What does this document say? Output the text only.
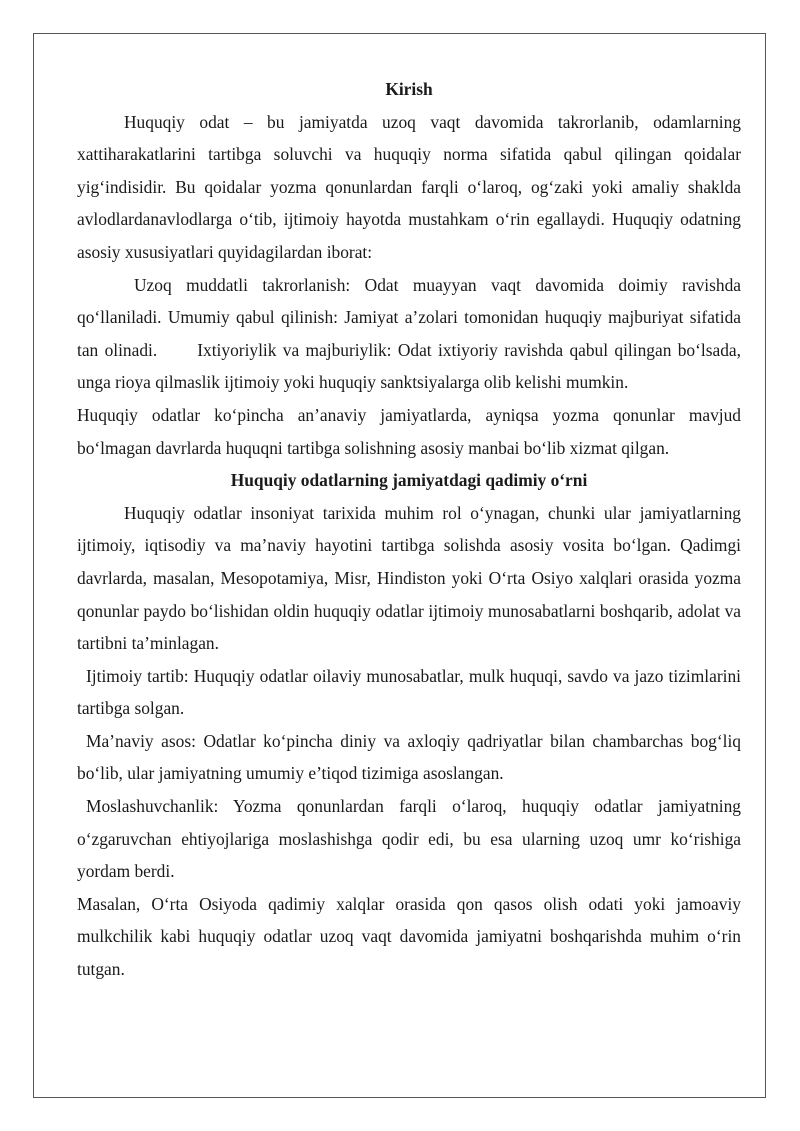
Kirish

Huquqiy odat – bu jamiyatda uzoq vaqt davomida takrorlanib, odamlarning xattiharakatlarini tartibga soluvchi va huquqiy norma sifatida qabul qilingan qoidalar yig‘indisidir. Bu qoidalar yozma qonunlardan farqli o‘laroq, og‘zaki yoki amaliy shaklda avlodlardanavlodlarga o‘tib, ijtimoiy hayotda mustahkam o‘rin egallaydi. Huquqiy odatning asosiy xususiyatlari quyidagilardan iborat:

Uzoq muddatli takrorlanish: Odat muayyan vaqt davomida doimiy ravishda qo‘llaniladi. Umumiy qabul qilinish: Jamiyat a’zolari tomonidan huquqiy majburiyat sifatida tan olinadi. Ixtiyoriylik va majburiylik: Odat ixtiyoriy ravishda qabul qilingan bo‘lsada, unga rioya qilmaslik ijtimoiy yoki huquqiy sanktsiyalarga olib kelishi mumkin.

Huquqiy odatlar ko‘pincha an’anaviy jamiyatlarda, ayniqsa yozma qonunlar mavjud bo‘lmagan davrlarda huquqni tartibga solishning asosiy manbai bo‘lib xizmat qilgan.

Huquqiy odatlarning jamiyatdagi qadimiy o‘rni

Huquqiy odatlar insoniyat tarixida muhim rol o‘ynagan, chunki ular jamiyatlarning ijtimoiy, iqtisodiy va ma’naviy hayotini tartibga solishda asosiy vosita bo‘lgan. Qadimgi davrlarda, masalan, Mesopotamiya, Misr, Hindiston yoki O‘rta Osiyo xalqlari orasida yozma qonunlar paydo bo‘lishidan oldin huquqiy odatlar ijtimoiy munosabatlarni boshqarib, adolat va tartibni ta’minlagan.

Ijtimoiy tartib: Huquqiy odatlar oilaviy munosabatlar, mulk huquqi, savdo va jazo tizimlarini tartibga solgan.

Ma’naviy asos: Odatlar ko‘pincha diniy va axloqiy qadriyatlar bilan chambarchas bog‘liq bo‘lib, ular jamiyatning umumiy e’tiqod tizimiga asoslangan.

Moslashuvchanlik: Yozma qonunlardan farqli o‘laroq, huquqiy odatlar jamiyatning o‘zgaruvchan ehtiyojlariga moslashishga qodir edi, bu esa ularning uzoq umr ko‘rishiga yordam berdi.

Masalan, O‘rta Osiyoda qadimiy xalqlar orasida qon qasos olish odati yoki jamoaviy mulkchilik kabi huquqiy odatlar uzoq vaqt davomida jamiyatni boshqarishda muhim o‘rin tutgan.
